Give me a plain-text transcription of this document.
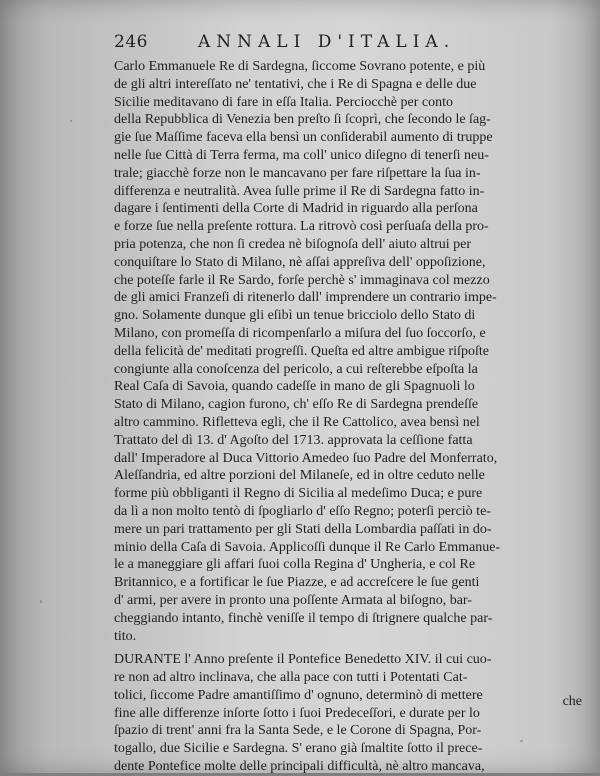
246	ANNALI D'ITALIA.
Carlo Emmanuele Re di Sardegna, ſiccome Sovrano potente, e più
de gli altri intereſſato ne' tentativi, che i Re di Spagna e delle due
Sicilie meditavano di fare in eſſa Italia. Perciocchè per conto
della Repubblica di Venezia ben preſto ſi ſcoprì, che ſecondo le ſag-
gie ſue Maſſime faceva ella bensì un conſiderabil aumento di truppe
nelle ſue Città di Terra ferma, ma coll' unico diſegno di tenerſi neu-
trale; giacchè forze non le mancavano per fare riſpettare la ſua in-
differenza e neutralità. Avea ſulle prime il Re di Sardegna fatto in-
dagare i ſentimenti della Corte di Madrid in riguardo alla perſona
e forze ſue nella preſente rottura. La ritrovò così perſuaſa della pro-
pria potenza, che non ſi credea nè biſognoſa dell' aiuto altrui per
conquiſtare lo Stato di Milano, nè aſſai appreſiva dell' oppoſizione,
che poteſſe farle il Re Sardo, forſe perchè s' immaginava col mezzo
de gli amici Franzeſi di ritenerlo dall' imprendere un contrario impe-
gno. Solamente dunque gli eſibì un tenue bricciolo dello Stato di
Milano, con promeſſa di ricompenſarlo a miſura del ſuo ſoccorſo, e
della felicità de' meditati progreſſi. Queſta ed altre ambigue riſpoſte
congiunte alla conoſcenza del pericolo, a cui reſterebbe eſpoſta la
Real Caſa di Savoia, quando cadeſſe in mano de gli Spagnuoli lo
Stato di Milano, cagion furono, ch' eſſo Re di Sardegna prendeſſe
altro cammino. Rifletteva egli, che il Re Cattolico, avea bensì nel
Trattato del dì 13. d' Agoſto del 1713. approvata la ceſſione fatta
dall' Imperadore al Duca Vittorio Amedeo ſuo Padre del Monferrato,
Aleſſandria, ed altre porzioni del Milaneſe, ed in oltre ceduto nelle
forme più obbliganti il Regno di Sicilia al medeſimo Duca; e pure
da lì a non molto tentò di ſpogliarlo d' eſſo Regno; poterſi perciò te-
mere un pari trattamento per gli Stati della Lombardia paſſati in do-
minio della Caſa di Savoia. Applicoſſi dunque il Re Carlo Emmanue-
le a maneggiare gli affari ſuoi colla Regina d' Ungheria, e col Re
Britannico, e a fortificar le ſue Piazze, e ad accreſcere le ſue genti
d' armi, per avere in pronto una poſſente Armata al biſogno, bar-
cheggiando intanto, finchè veniſſe il tempo di ſtrignere qualche par-
tito.
DURANTE l' Anno preſente il Pontefice Benedetto XIV. il cui cuo-
re non ad altro inclinava, che alla pace con tutti i Potentati Cat-
tolici, ſiccome Padre amantiſſimo d' ognuno, determinò di mettere
fine alle differenze inſorte ſotto i ſuoi Predeceſſori, e durate per lo
ſpazio di trent' anni fra la Santa Sede, e le Corone di Spagna, Por-
togallo, due Sicilie e Sardegna. S' erano già ſmaltite ſotto il prece-
dente Pontefice molte delle principali difficultà, nè altro mancava,
che
